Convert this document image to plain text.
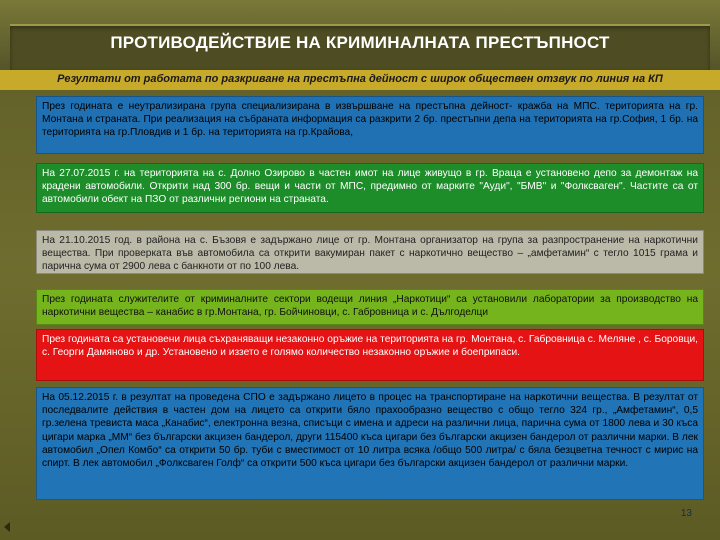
ПРОТИВОДЕЙСТВИЕ НА КРИМИНАЛНАТА ПРЕСТЪПНОСТ
Резултати от работата по разкриване на престъпна дейност с широк обществен отзвук по линия на КП
През годината е неутрализирана група специализирана в извършване на престъпна дейност- кражба на МПС. територията на гр. Монтана и страната. При реализация на събраната информация са разкрити 2 бр. престъпни депа на територията на гр.София, 1 бр. на територията на гр.Пловдив и 1 бр. на територията на гр.Крайова,
На 27.07.2015 г. на територията на с. Долно Озирово в частен имот на лице живущо в гр. Враца е установено депо за демонтаж на крадени автомобили. Открити над 300 бр. вещи и части от МПС, предимно от марките "Ауди", "БМВ" и "Фолксваген". Частите са от автомобили обект на ПЗО от различни региони на страната.
На 21.10.2015 год. в района на с. Бъзовя е задържано лице от гр. Монтана организатор на група за разпространение на наркотични вещества. При проверката във автомобила са открити вакумиран пакет с наркотично вещество – „амфетамин“ с тегло 1015 грама и парична сума от 2900 лева с банкноти от по 100 лева.
През годината служителите от криминалните сектори водещи линия „Наркотици“ са установили лаборатории за производство на наркотични вещества – канабис в гр.Монтана, гр. Бойчиновци, с. Габровница и с. Дългоделци
През годината са установени лица съхраняващи незаконно оръжие на територията на гр. Монтана, с. Габровница с. Меляне , с. Боровци, с. Георги Дамяново и др. Установено и иззето е голямо количество незаконно оръжие и боеприпаси.
На 05.12.2015 г. в резултат на проведена СПО е задържано лицето в процес на транспортиране на наркотични вещества. В резултат от последвалите действия в частен дом на лицето са открити бяло прахообразно вещество с общо тегло 324 гр., „Амфетамин“, 0,5 гр.зелена тревиста маса „Канабис“, електронна везна, списъци с имена и адреси на различни лица, парична сума от 1800 лева и 30 къса цигари марка „ММ“ без български акцизен бандерол, други 115400 къса цигари без български акцизен бандерол от различни марки. В лек автомобил „Опел Комбо“ са открити 50 бр. туби с вместимост от 10 литра всяка /общо 500 литра/ с бяла безцветна течност с мирис на спирт. В лек автомобил „Фолксваген Голф“ са открити 500 къса цигари без български акцизен бандерол от различни марки.
13
